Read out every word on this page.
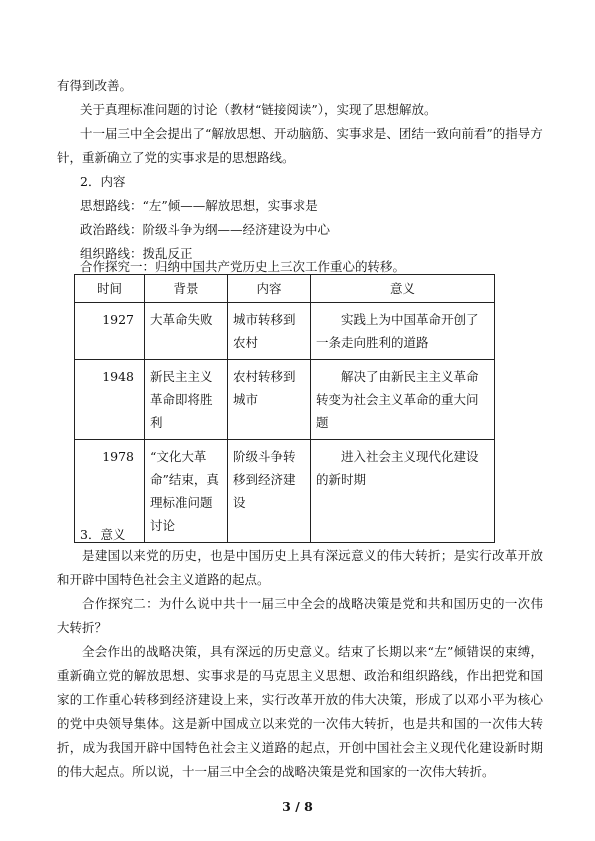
有得到改善。
关于真理标准问题的讨论（教材“链接阅读”），实现了思想解放。
十一届三中全会提出了“解放思想、开动脑筋、实事求是、团结一致向前看”的指导方
针，重新确立了党的实事求是的思想路线。
2．内容
思想路线：“左”倾——解放思想，实事求是
政治路线：阶级斗争为纲——经济建设为中心
组织路线：拨乱反正
合作探究一：归纳中国共产党历史上三次工作重心的转移。
时间	背景	内容	意义
1927	大革命失败	城市转移到农村	实践上为中国革命开创了一条走向胜利的道路
1948	新民主主义革命即将胜利	农村转移到城市	解决了由新民主主义革命转变为社会主义革命的重大问题
1978	“文化大革命”结束，真理标准问题讨论	阶级斗争转移到经济建设	进入社会主义现代化建设的新时期
3．意义

是建国以来党的历史，也是中国历史上具有深远意义的伟大转折；是实行改革开放和开辟中国特色社会主义道路的起点。

合作探究二：为什么说中共十一届三中全会的战略决策是党和共和国历史的一次伟大转折？

全会作出的战略决策，具有深远的历史意义。结束了长期以来“左”倾错误的束缚，重新确立党的解放思想、实事求是的马克思主义思想、政治和组织路线，作出把党和国家的工作重心转移到经济建设上来，实行改革开放的伟大决策，形成了以邓小平为核心的党中央领导集体。这是新中国成立以来党的一次伟大转折，也是共和国的一次伟大转折，成为我国开辟中国特色社会主义道路的起点，开创中国社会主义现代化建设新时期的伟大起点。所以说，十一届三中全会的战略决策是党和国家的一次伟大转折。

3 / 8
